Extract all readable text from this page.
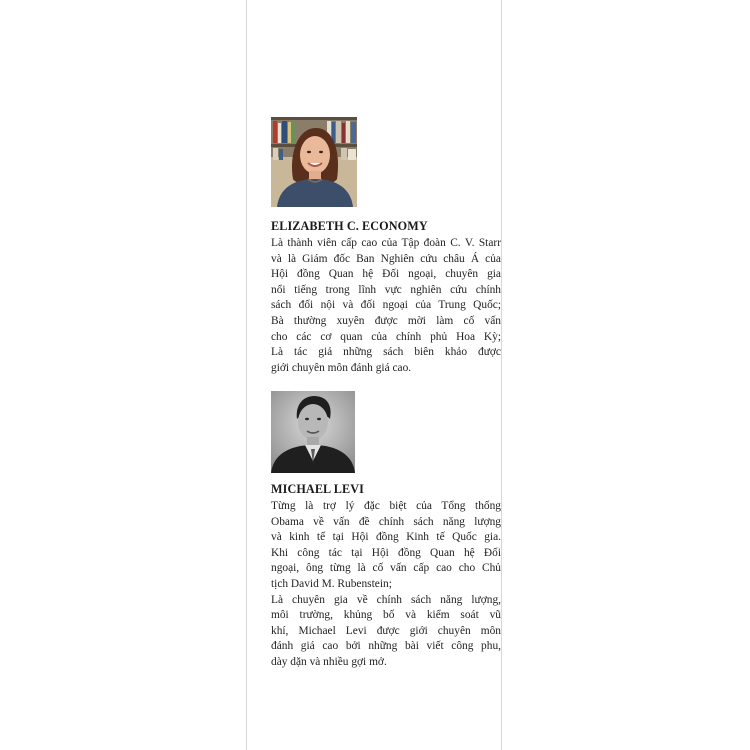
ELIZABETH C. ECONOMY
Là thành viên cấp cao của Tập đoàn C. V. Starr
và là Giám đốc Ban Nghiên cứu châu Á của
Hội đồng Quan hệ Đối ngoại, chuyên gia
nổi tiếng trong lĩnh vực nghiên cứu chính
sách đối nội và đối ngoại của Trung Quốc;
Bà thường xuyên được mời làm cố vấn
cho các cơ quan của chính phủ Hoa Kỳ;
Là tác giả những sách biên khảo được
giới chuyên môn đánh giá cao.
MICHAEL LEVI
Từng là trợ lý đặc biệt của Tổng thống
Obama về vấn đề chính sách năng lượng
và kinh tế tại Hội đồng Kinh tế Quốc gia.
Khi công tác tại Hội đồng Quan hệ Đối
ngoại, ông từng là cố vấn cấp cao cho Chủ
tịch David M. Rubenstein;
Là chuyên gia về chính sách năng lượng,
môi trường, khủng bố và kiểm soát vũ
khí, Michael Levi được giới chuyên môn
đánh giá cao bởi những bài viết công phu,
dày dặn và nhiều gợi mở.
